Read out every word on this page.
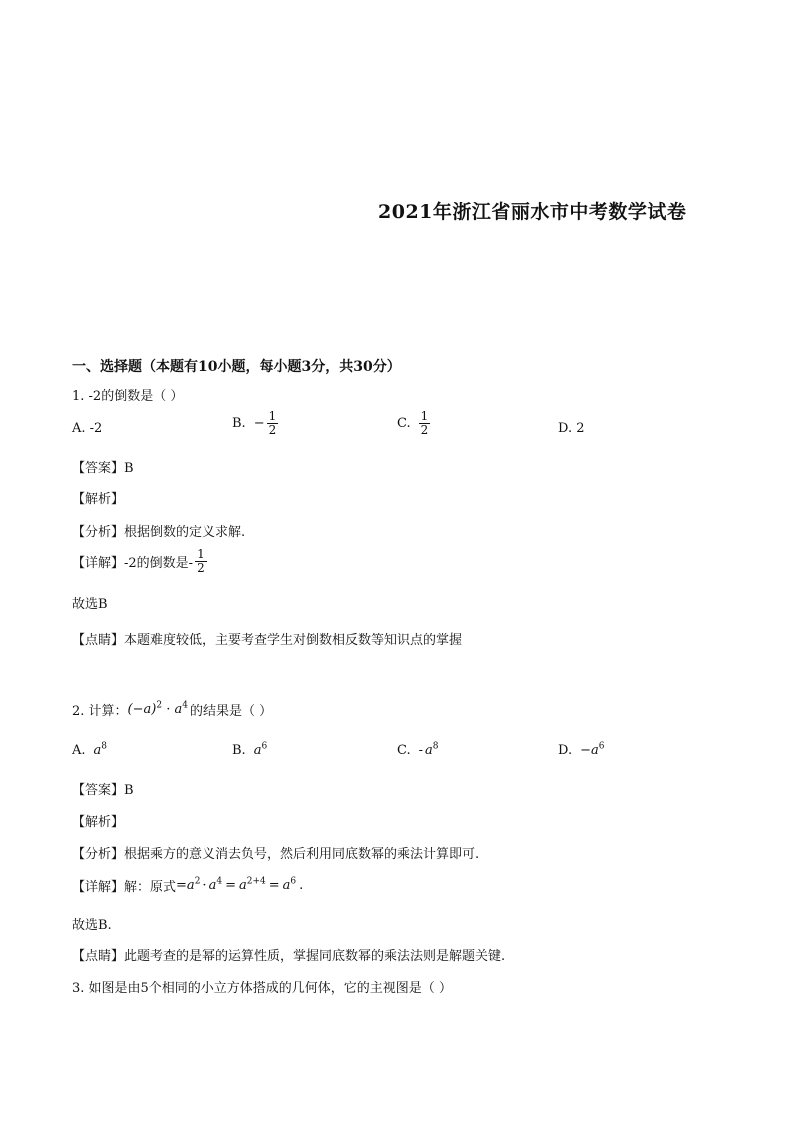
2021年浙江省丽水市中考数学试卷
一、选择题（本题有10小题，每小题3分，共30分）
1. -2的倒数是（ ）
A. -2	B. − $\frac{1}{2}$	C. $\frac{1}{2}$	D. 2
【答案】B
【解析】
【分析】根据倒数的定义求解.
【详解】-2的倒数是- $\frac{1}{2}$
故选B
【点睛】本题难度较低，主要考查学生对倒数相反数等知识点的掌握
2. 计算： $(-a)^2 \cdot a^4$ 的结果是（ ）
A. $a^8$	B. $a^6$	C. - $a^8$	D. − $a^6$
【答案】B
【解析】
【分析】根据乘方的意义消去负号，然后利用同底数幂的乘法计算即可.
【详解】解：原式 = $a^2 \cdot a^4 = a^{2+4} = a^6$ .
故选B.
【点睛】此题考查的是幂的运算性质，掌握同底数幂的乘法法则是解题关键.
3. 如图是由5个相同的小立方体搭成的几何体，它的主视图是（ ）
